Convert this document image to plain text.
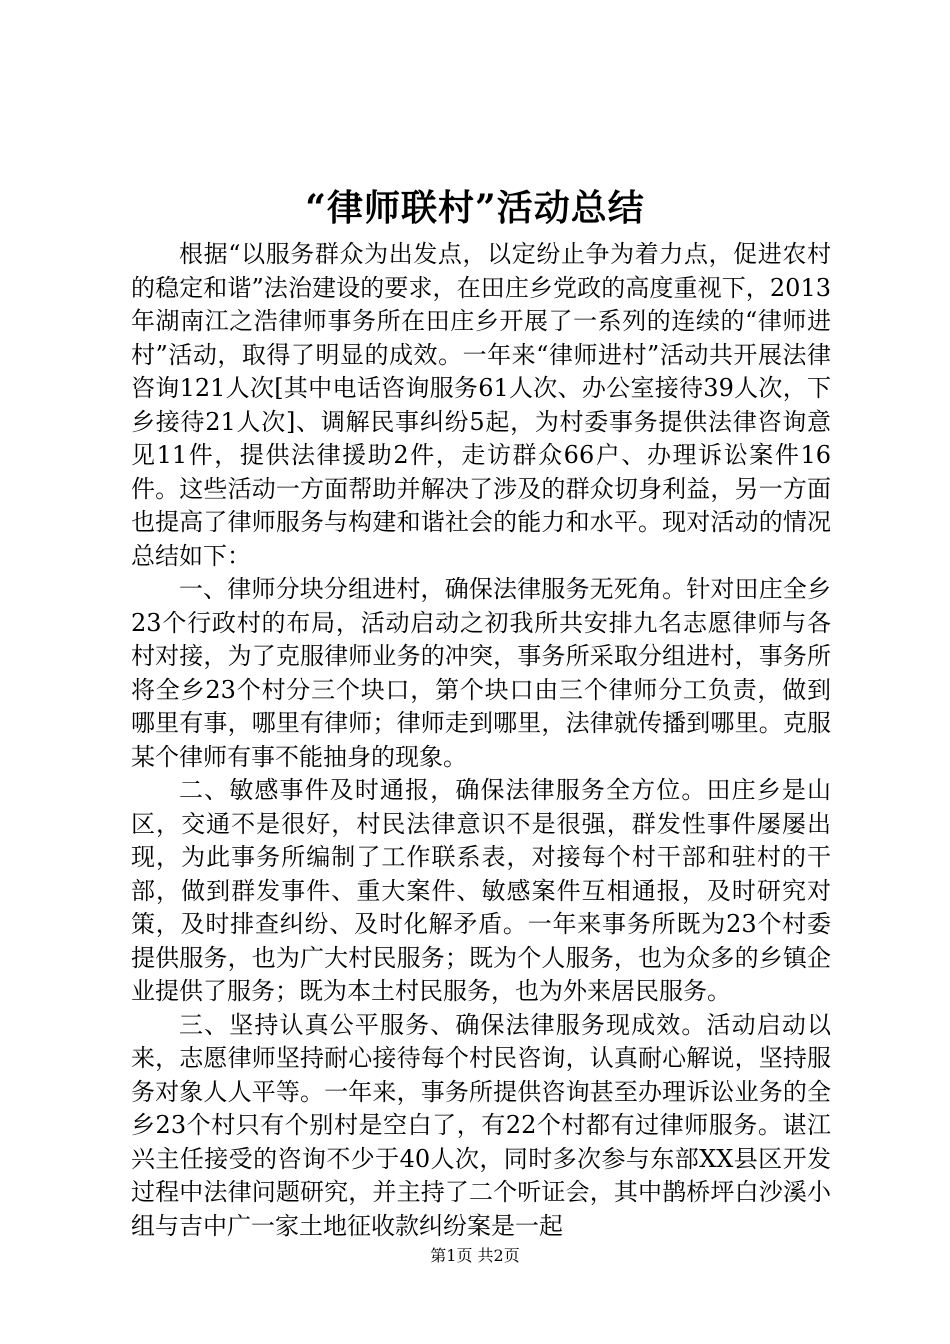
“律师联村”活动总结

根据“以服务群众为出发点，以定纷止争为着力点，促进农村的稳定和谐”法治建设的要求，在田庄乡党政的高度重视下，2013年湖南江之浩律师事务所在田庄乡开展了一系列的连续的“律师进村”活动，取得了明显的成效。一年来“律师进村”活动共开展法律咨询121人次[其中电话咨询服务61人次、办公室接待39人次，下乡接待21人次]、调解民事纠纷5起，为村委事务提供法律咨询意见11件，提供法律援助2件，走访群众66户、办理诉讼案件16件。这些活动一方面帮助并解决了涉及的群众切身利益，另一方面也提高了律师服务与构建和谐社会的能力和水平。现对活动的情况总结如下：

一、律师分块分组进村，确保法律服务无死角。针对田庄全乡23个行政村的布局，活动启动之初我所共安排九名志愿律师与各村对接，为了克服律师业务的冲突，事务所采取分组进村，事务所将全乡23个村分三个块口，第个块口由三个律师分工负责，做到哪里有事，哪里有律师；律师走到哪里，法律就传播到哪里。克服某个律师有事不能抽身的现象。

二、敏感事件及时通报，确保法律服务全方位。田庄乡是山区，交通不是很好，村民法律意识不是很强，群发性事件屡屡出现，为此事务所编制了工作联系表，对接每个村干部和驻村的干部，做到群发事件、重大案件、敏感案件互相通报，及时研究对策，及时排查纠纷、及时化解矛盾。一年来事务所既为23个村委提供服务，也为广大村民服务；既为个人服务，也为众多的乡镇企业提供了服务；既为本土村民服务，也为外来居民服务。

三、坚持认真公平服务、确保法律服务现成效。活动启动以来，志愿律师坚持耐心接待每个村民咨询，认真耐心解说，坚持服务对象人人平等。一年来，事务所提供咨询甚至办理诉讼业务的全乡23个村只有个别村是空白了，有22个村都有过律师服务。谌江兴主任接受的咨询不少于40人次，同时多次参与东部XX县区开发过程中法律问题研究，并主持了二个听证会，其中鹊桥坪白沙溪小组与吉中广一家土地征收款纠纷案是一起

第1页 共2页
